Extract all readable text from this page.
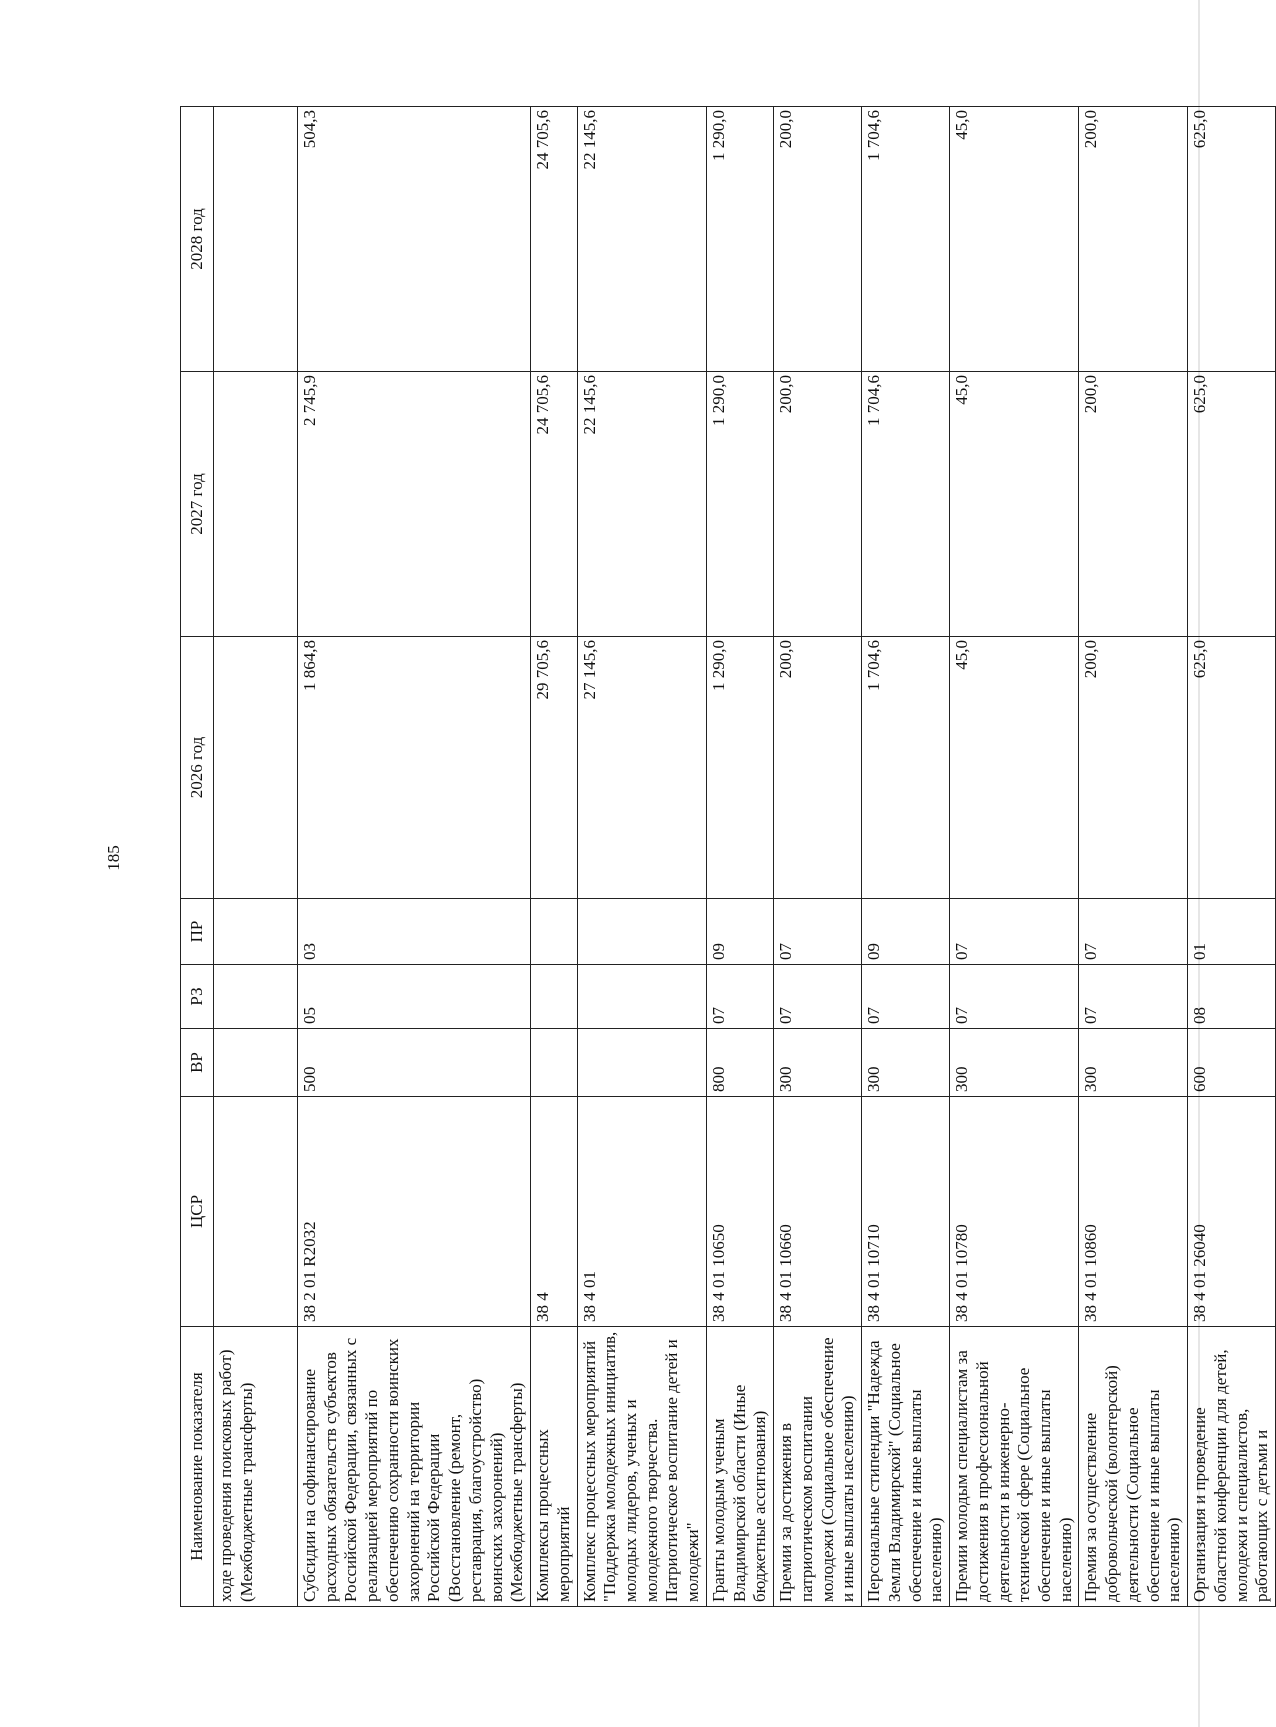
185
Наименование показателя	ЦСР	ВР	РЗ	ПР	2026 год	2027 год	2028 год
ходе проведения поисковых работ) (Межбюджетные трансферты)							
Субсидии на софинансирование расходных обязательств субъектов Российской Федерации, связанных с реализацией мероприятий по обеспечению сохранности воинских захоронений на территории Российской Федерации (Восстановление (ремонт, реставрация, благоустройство) воинских захоронений) (Межбюджетные трансферты)	38 2 01 R2032	500	05	03	1 864,8	2 745,9	504,3
Комплексы процессных мероприятий	38 4				29 705,6	24 705,6	24 705,6
Комплекс процессных мероприятий "Поддержка молодежных инициатив, молодых лидеров, ученых и молодежного творчества. Патриотическое воспитание детей и молодежи"	38 4 01				27 145,6	22 145,6	22 145,6
Гранты молодым ученым Владимирской области (Иные бюджетные ассигнования)	38 4 01 10650	800	07	09	1 290,0	1 290,0	1 290,0
Премии за достижения в патриотическом воспитании молодежи (Социальное обеспечение и иные выплаты населению)	38 4 01 10660	300	07	07	200,0	200,0	200,0
Персональные стипендии "Надежда Земли Владимирской" (Социальное обеспечение и иные выплаты населению)	38 4 01 10710	300	07	09	1 704,6	1 704,6	1 704,6
Премии молодым специалистам за достижения в профессиональной деятельности в инженерно-технической сфере (Социальное обеспечение и иные выплаты населению)	38 4 01 10780	300	07	07	45,0	45,0	45,0
Премия за осуществление добровольческой (волонтерской) деятельности (Социальное обеспечение и иные выплаты населению)	38 4 01 10860	300	07	07	200,0	200,0	200,0
Организация и проведение областной конференции для детей, молодежи и специалистов, работающих с детьми и	38 4 01 26040	600	08	01	625,0	625,0	625,0
